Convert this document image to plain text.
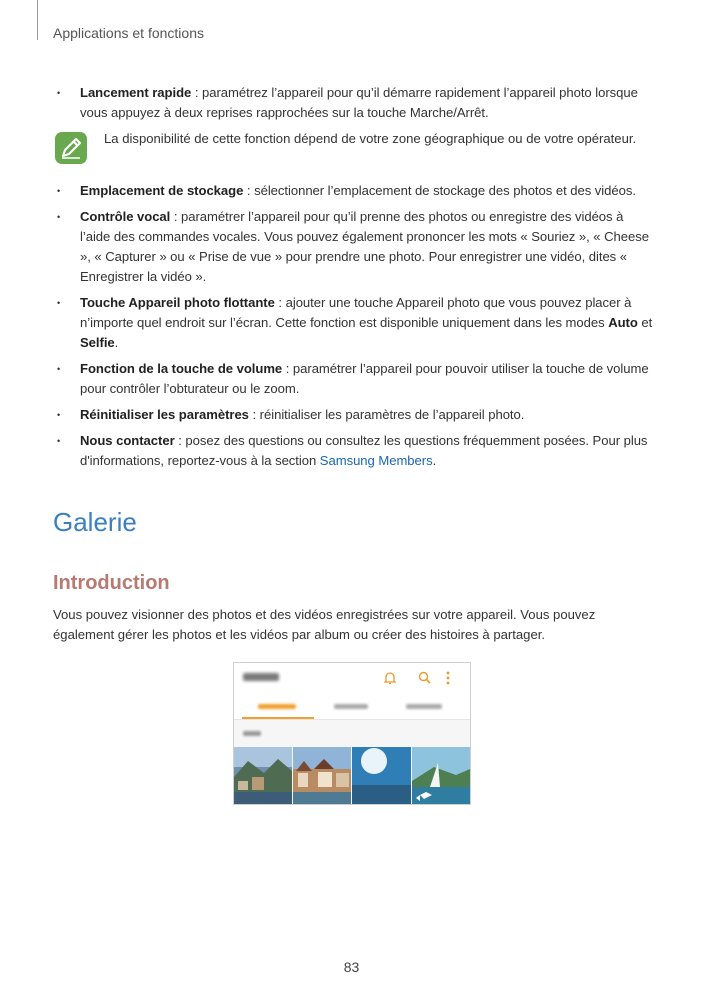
Applications et fonctions
• Lancement rapide : paramétrez l’appareil pour qu’il démarre rapidement l’appareil photo lorsque vous appuyez à deux reprises rapprochées sur la touche Marche/Arrêt.
La disponibilité de cette fonction dépend de votre zone géographique ou de votre opérateur.
• Emplacement de stockage : sélectionner l’emplacement de stockage des photos et des vidéos.
• Contrôle vocal : paramétrer l’appareil pour qu’il prenne des photos ou enregistre des vidéos à l’aide des commandes vocales. Vous pouvez également prononcer les mots « Souriez », « Cheese », « Capturer » ou « Prise de vue » pour prendre une photo. Pour enregistrer une vidéo, dites « Enregistrer la vidéo ».
• Touche Appareil photo flottante : ajouter une touche Appareil photo que vous pouvez placer à n’importe quel endroit sur l’écran. Cette fonction est disponible uniquement dans les modes Auto et Selfie.
• Fonction de la touche de volume : paramétrer l’appareil pour pouvoir utiliser la touche de volume pour contrôler l’obturateur ou le zoom.
• Réinitialiser les paramètres : réinitialiser les paramètres de l’appareil photo.
• Nous contacter : posez des questions ou consultez les questions fréquemment posées. Pour plus d'informations, reportez-vous à la section Samsung Members.
Galerie
Introduction
Vous pouvez visionner des photos et des vidéos enregistrées sur votre appareil. Vous pouvez également gérer les photos et les vidéos par album ou créer des histoires à partager.
83
